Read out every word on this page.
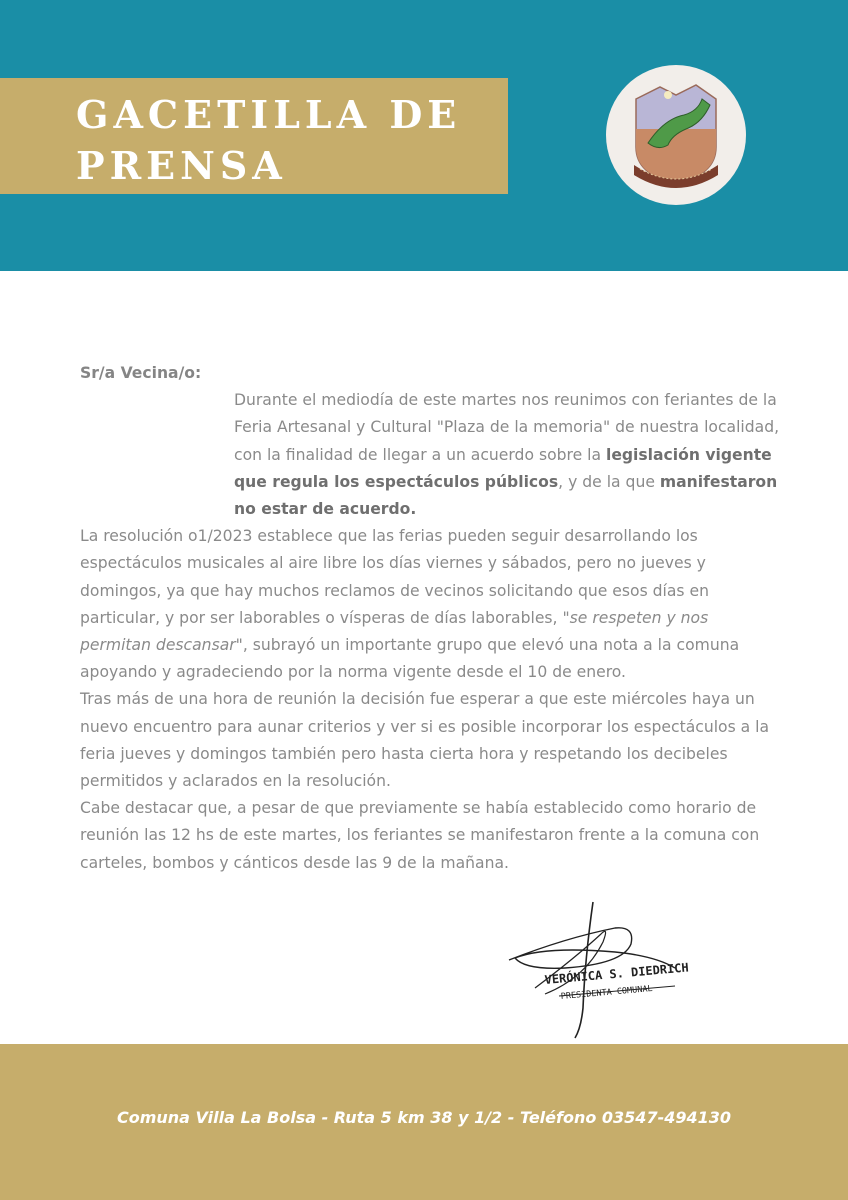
GACETILLA DE
PRENSA

Sr/a Vecina/o:

Durante el mediodía de este martes nos reunimos con feriantes de la Feria Artesanal y Cultural "Plaza de la memoria" de nuestra localidad, con la finalidad de llegar a un acuerdo sobre la legislación vigente que regula los espectáculos públicos, y de la que manifestaron no estar de acuerdo.

La resolución o1/2023 establece que las ferias pueden seguir desarrollando los espectáculos musicales al aire libre los días viernes y sábados, pero no jueves y domingos, ya que hay muchos reclamos de vecinos solicitando que esos días en particular, y por ser laborables o vísperas de días laborables, "se respeten y nos permitan descansar", subrayó un importante grupo que elevó una nota a la comuna apoyando y agradeciendo por la norma vigente desde el 10 de enero.

Tras más de una hora de reunión la decisión fue esperar a que este miércoles haya un nuevo encuentro para aunar criterios y ver si es posible incorporar los espectáculos a la feria jueves y domingos también pero hasta cierta hora y respetando los decibeles permitidos y aclarados en la resolución.

Cabe destacar que, a pesar de que previamente se había establecido como horario de reunión las 12 hs de este martes, los feriantes se manifestaron frente a la comuna con carteles, bombos y cánticos desde las 9 de la mañana.

VERÓNICA S. DIEDRICH
PRESIDENTA COMUNAL
Comuna Villa La Bolsa - Ruta 5 km 38 y 1/2 - Teléfono 03547-494130
